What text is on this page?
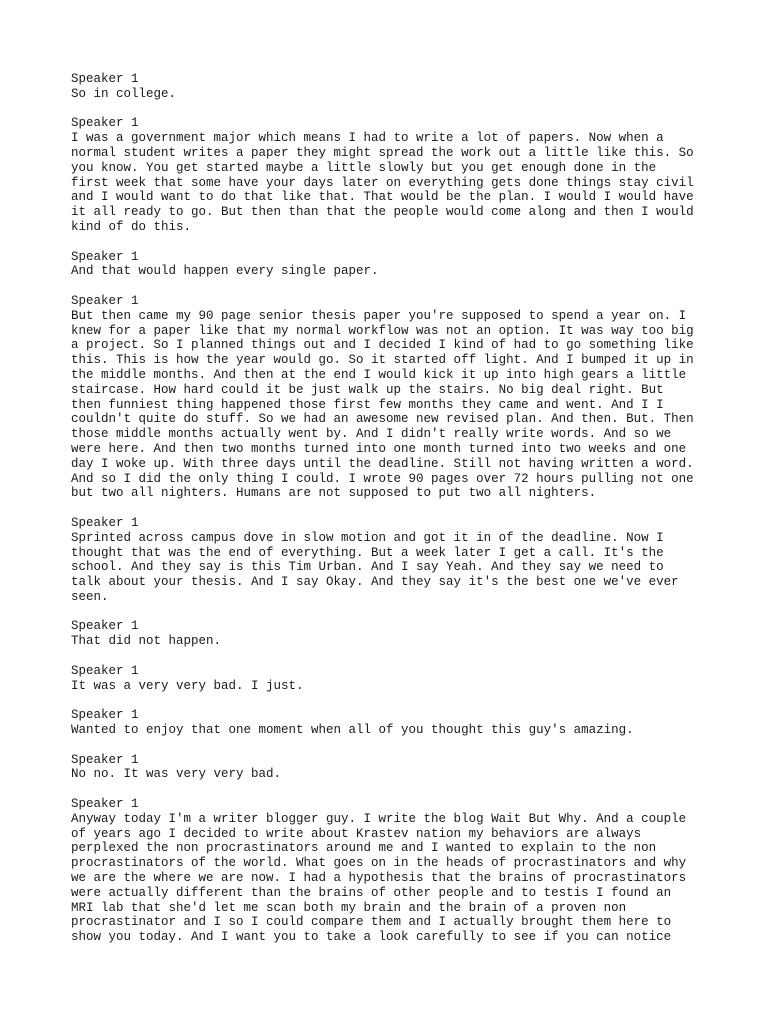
Speaker 1
So in college.
Speaker 1
I was a government major which means I had to write a lot of papers. Now when a
normal student writes a paper they might spread the work out a little like this. So
you know. You get started maybe a little slowly but you get enough done in the
first week that some have your days later on everything gets done things stay civil
and I would want to do that like that. That would be the plan. I would I would have
it all ready to go. But then than that the people would come along and then I would
kind of do this.
Speaker 1
And that would happen every single paper.
Speaker 1
But then came my 90 page senior thesis paper you're supposed to spend a year on. I
knew for a paper like that my normal workflow was not an option. It was way too big
a project. So I planned things out and I decided I kind of had to go something like
this. This is how the year would go. So it started off light. And I bumped it up in
the middle months. And then at the end I would kick it up into high gears a little
staircase. How hard could it be just walk up the stairs. No big deal right. But
then funniest thing happened those first few months they came and went. And I I
couldn't quite do stuff. So we had an awesome new revised plan. And then. But. Then
those middle months actually went by. And I didn't really write words. And so we
were here. And then two months turned into one month turned into two weeks and one
day I woke up. With three days until the deadline. Still not having written a word.
And so I did the only thing I could. I wrote 90 pages over 72 hours pulling not one
but two all nighters. Humans are not supposed to put two all nighters.
Speaker 1
Sprinted across campus dove in slow motion and got it in of the deadline. Now I
thought that was the end of everything. But a week later I get a call. It's the
school. And they say is this Tim Urban. And I say Yeah. And they say we need to
talk about your thesis. And I say Okay. And they say it's the best one we've ever
seen.
Speaker 1
That did not happen.
Speaker 1
It was a very very bad. I just.
Speaker 1
Wanted to enjoy that one moment when all of you thought this guy's amazing.
Speaker 1
No no. It was very very bad.
Speaker 1
Anyway today I'm a writer blogger guy. I write the blog Wait But Why. And a couple
of years ago I decided to write about Krastev nation my behaviors are always
perplexed the non procrastinators around me and I wanted to explain to the non
procrastinators of the world. What goes on in the heads of procrastinators and why
we are the where we are now. I had a hypothesis that the brains of procrastinators
were actually different than the brains of other people and to testis I found an
MRI lab that she'd let me scan both my brain and the brain of a proven non
procrastinator and I so I could compare them and I actually brought them here to
show you today. And I want you to take a look carefully to see if you can notice
